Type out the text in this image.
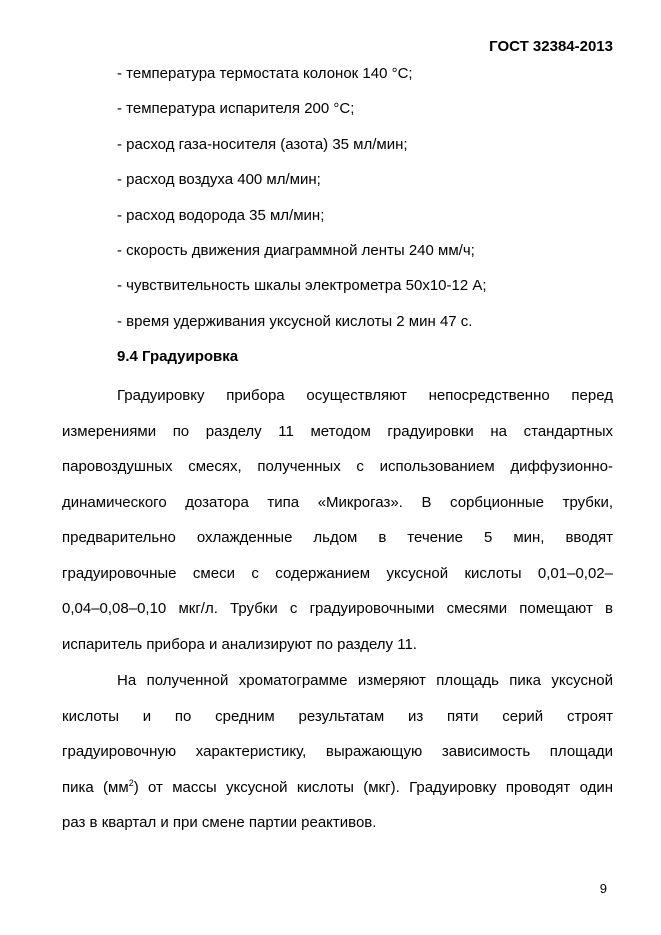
ГОСТ 32384-2013
- температура термостата колонок 140 °С;
- температура испарителя 200 °С;
- расход газа-носителя (азота) 35 мл/мин;
- расход воздуха 400 мл/мин;
- расход водорода 35 мл/мин;
- скорость движения диаграммной ленты 240 мм/ч;
- чувствительность шкалы электрометра 50х10-12 А;
- время удерживания уксусной кислоты 2 мин 47 с.
9.4 Градуировка
Градуировку прибора осуществляют непосредственно перед
измерениями по разделу 11 методом градуировки на стандартных
паровоздушных смесях, полученных с использованием диффузионно-
динамического дозатора типа «Микрогаз». В сорбционные трубки,
предварительно охлажденные льдом в течение 5 мин, вводят
градуировочные смеси с содержанием уксусной кислоты 0,01–0,02–
0,04–0,08–0,10 мкг/л. Трубки с градуировочными смесями помещают в
испаритель прибора и анализируют по разделу 11.
На полученной хроматограмме измеряют площадь пика уксусной
кислоты и по средним результатам из пяти серий строят
градуировочную характеристику, выражающую зависимость площади
пика $(мм^2)$ от массы уксусной кислоты (мкг). Градуировку проводят один
раз в квартал и при смене партии реактивов.
9
